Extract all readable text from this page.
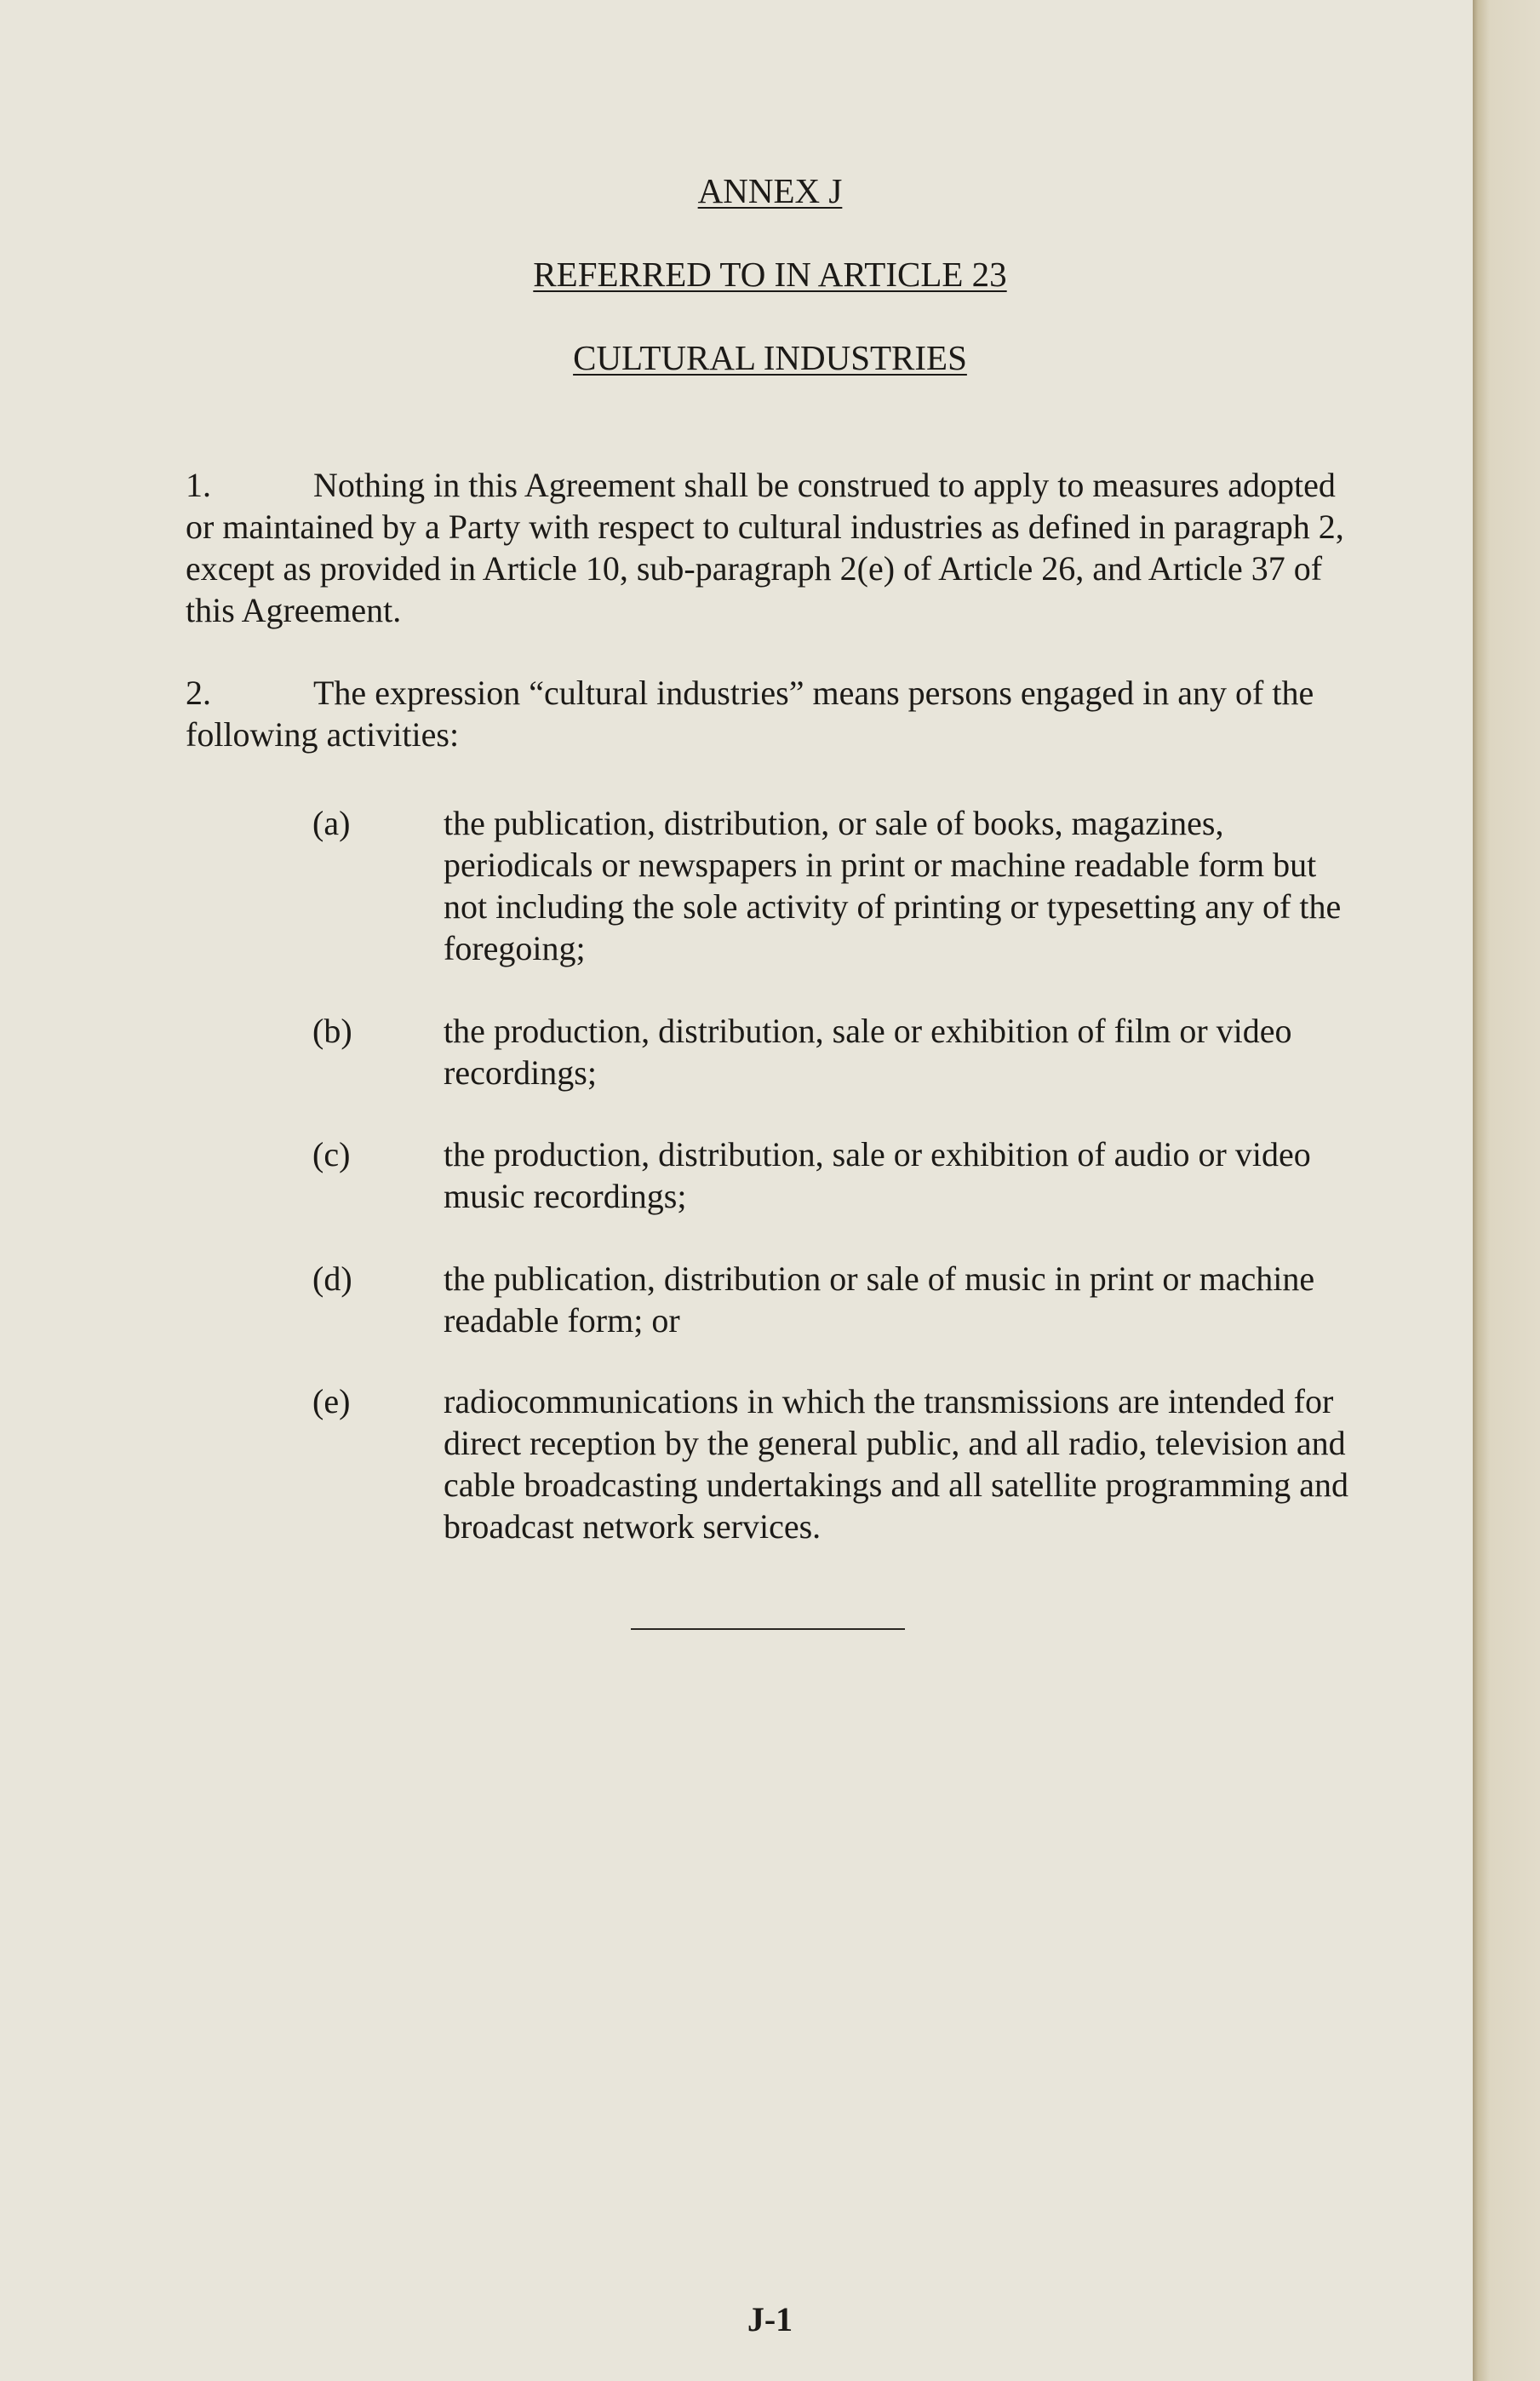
ANNEX J
REFERRED TO IN ARTICLE 23
CULTURAL INDUSTRIES

1.	Nothing in this Agreement shall be construed to apply to measures adopted or maintained by a Party with respect to cultural industries as defined in paragraph 2, except as provided in Article 10, sub-paragraph 2(e) of Article 26, and Article 37 of this Agreement.

2.	The expression “cultural industries” means persons engaged in any of the following activities:

(a)	the publication, distribution, or sale of books, magazines, periodicals or newspapers in print or machine readable form but not including the sole activity of printing or typesetting any of the foregoing;

(b)	the production, distribution, sale or exhibition of film or video recordings;

(c)	the production, distribution, sale or exhibition of audio or video music recordings;

(d)	the publication, distribution or sale of music in print or machine readable form; or

(e)	radiocommunications in which the transmissions are intended for direct reception by the general public, and all radio, television and cable broadcasting undertakings and all satellite programming and broadcast network services.

J-1
